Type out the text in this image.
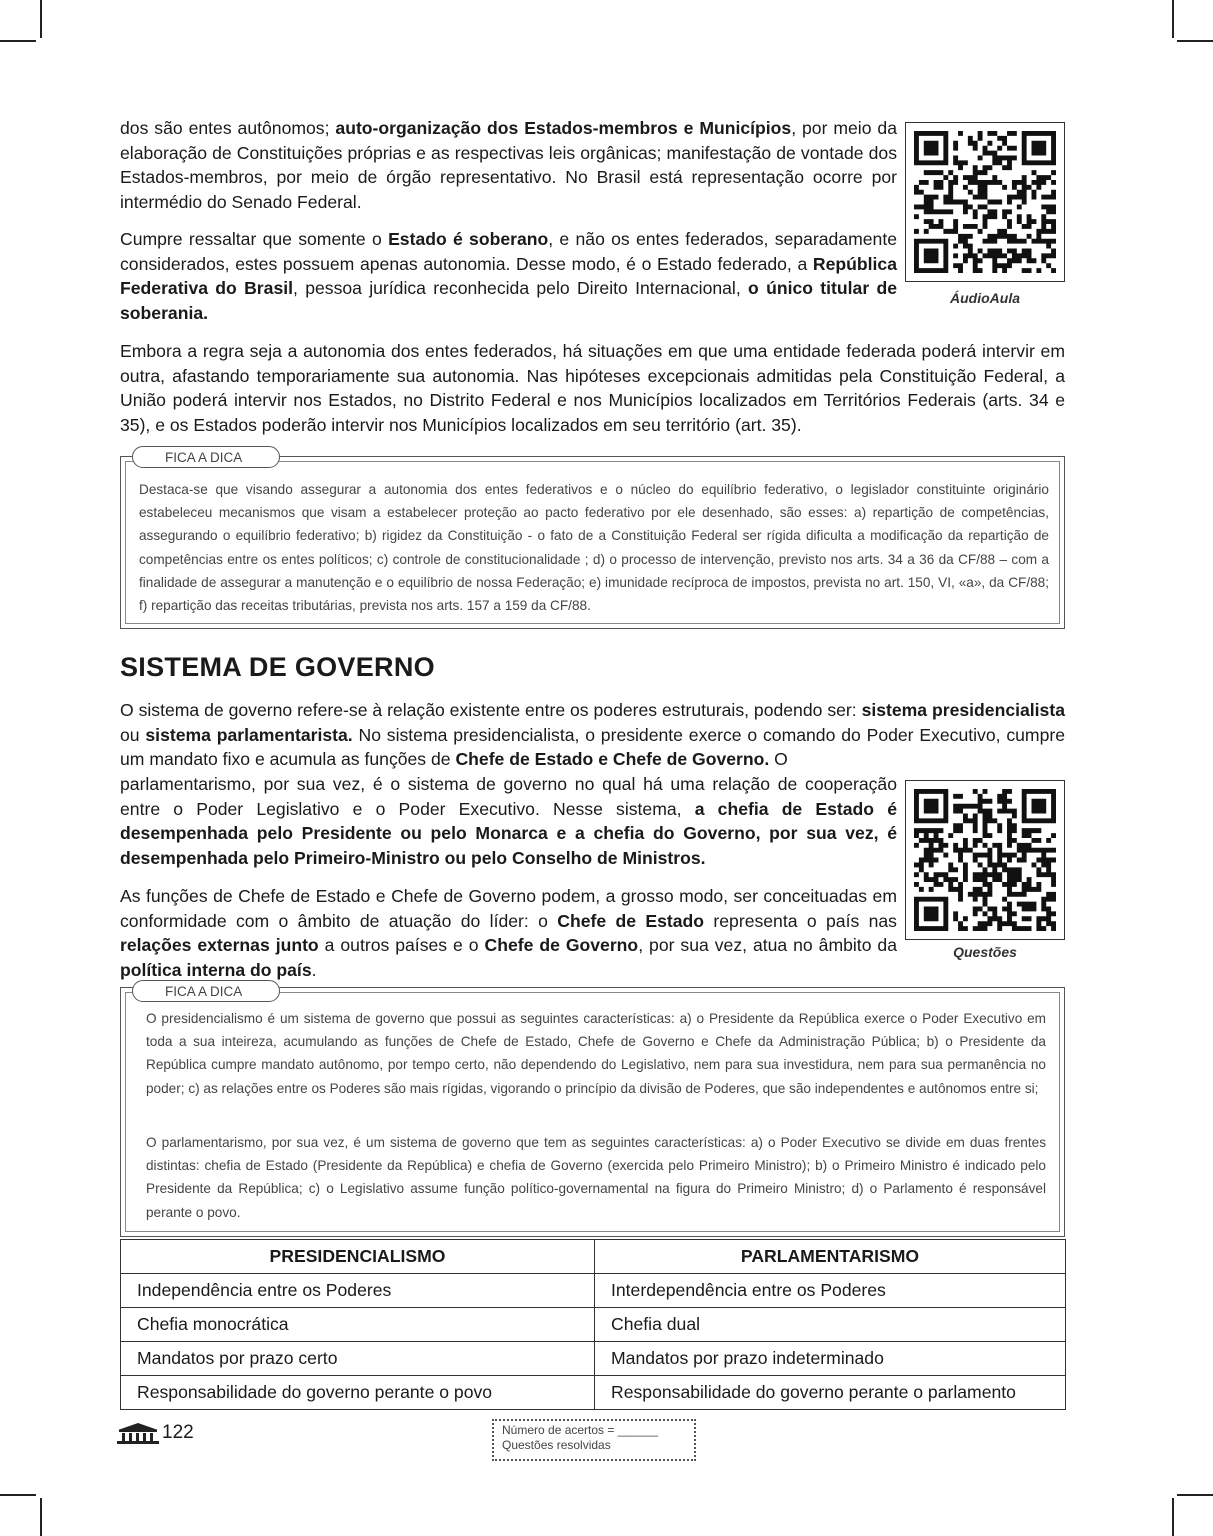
dos são entes autônomos; auto-organização dos Estados-membros e Municípios, por meio da elaboração de Constituições próprias e as respectivas leis orgânicas; manifestação de vontade dos Estados-membros, por meio de órgão representativo. No Brasil está representação ocorre por intermédio do Senado Federal.

Cumpre ressaltar que somente o Estado é soberano, e não os entes federados, separadamente considerados, estes possuem apenas autonomia. Desse modo, é o Estado federado, a República Federativa do Brasil, pessoa jurídica reconhecida pelo Direito Internacional, o único titular de soberania.

ÁudioAula

Embora a regra seja a autonomia dos entes federados, há situações em que uma entidade federada poderá intervir em outra, afastando temporariamente sua autonomia. Nas hipóteses excepcionais admitidas pela Constituição Federal, a União poderá intervir nos Estados, no Distrito Federal e nos Municípios localizados em Territórios Federais (arts. 34 e 35), e os Estados poderão intervir nos Municípios localizados em seu território (art. 35).

FICA A DICA

Destaca-se que visando assegurar a autonomia dos entes federativos e o núcleo do equilíbrio federativo, o legislador constituinte originário estabeleceu mecanismos que visam a estabelecer proteção ao pacto federativo por ele desenhado, são esses: a) repartição de competências, assegurando o equilíbrio federativo; b) rigidez da Constituição - o fato de a Constituição Federal ser rígida dificulta a modificação da repartição de competências entre os entes políticos; c) controle de constitucionalidade ; d) o processo de intervenção, previsto nos arts. 34 a 36 da CF/88 – com a finalidade de assegurar a manutenção e o equilíbrio de nossa Federação; e) imunidade recíproca de impostos, prevista no art. 150, VI, «a», da CF/88; f) repartição das receitas tributárias, prevista nos arts. 157 a 159 da CF/88.

SISTEMA DE GOVERNO

O sistema de governo refere-se à relação existente entre os poderes estruturais, podendo ser: sistema presidencialista ou sistema parlamentarista. No sistema presidencialista, o presidente exerce o comando do Poder Executivo, cumpre um mandato fixo e acumula as funções de Chefe de Estado e Chefe de Governo. O

parlamentarismo, por sua vez, é o sistema de governo no qual há uma relação de cooperação entre o Poder Legislativo e o Poder Executivo. Nesse sistema, a chefia de Estado é desempenhada pelo Presidente ou pelo Monarca e a chefia do Governo, por sua vez, é desempenhada pelo Primeiro-Ministro ou pelo Conselho de Ministros.

As funções de Chefe de Estado e Chefe de Governo podem, a grosso modo, ser conceituadas em conformidade com o âmbito de atuação do líder: o Chefe de Estado representa o país nas relações externas junto a outros países e o Chefe de Governo, por sua vez, atua no âmbito da política interna do país.

Questões
FICA A DICA

O presidencialismo é um sistema de governo que possui as seguintes características: a) o Presidente da República exerce o Poder Executivo em toda a sua inteireza, acumulando as funções de Chefe de Estado, Chefe de Governo e Chefe da Administração Pública; b) o Presidente da República cumpre mandato autônomo, por tempo certo, não dependendo do Legislativo, nem para sua investidura, nem para sua permanência no poder; c) as relações entre os Poderes são mais rígidas, vigorando o princípio da divisão de Poderes, que são independentes e autônomos entre si;

O parlamentarismo, por sua vez, é um sistema de governo que tem as seguintes características: a) o Poder Executivo se divide em duas frentes distintas: chefia de Estado (Presidente da República) e chefia de Governo (exercida pelo Primeiro Ministro); b) o Primeiro Ministro é indicado pelo Presidente da República; c) o Legislativo assume função político-governamental na figura do Primeiro Ministro; d) o Parlamento é responsável perante o povo.

PRESIDENCIALISMO	PARLAMENTARISMO
Independência entre os Poderes	Interdependência entre os Poderes
Chefia monocrática	Chefia dual
Mandatos por prazo certo	Mandatos por prazo indeterminado
Responsabilidade do governo perante o povo	Responsabilidade do governo perante o parlamento
122	Número de acertos = ______
Questões resolvidas
